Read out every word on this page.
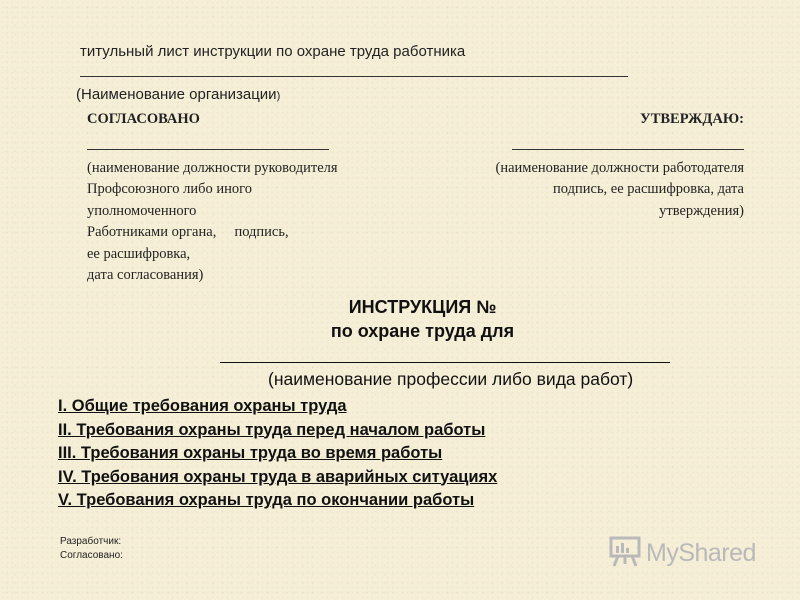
титульный лист инструкции по охране труда работника
(Наименование организации)
СОГЛАСОВАНО
(наименование должности руководителя
Профсоюзного либо иного
уполномоченного
Работниками органа,     подпись,
ее расшифровка,
дата согласования)
УТВЕРЖДАЮ:
(наименование должности работодателя
подпись, ее расшифровка, дата
утверждения)
ИНСТРУКЦИЯ №
по охране труда для
(наименование профессии либо вида работ)
I. Общие требования охраны труда
II. Требования охраны труда перед началом работы
III. Требования охраны труда во время работы
IV. Требования охраны труда в аварийных ситуациях
V. Требования охраны труда по окончании работы
Разработчик:
Согласовано:	MyShared
